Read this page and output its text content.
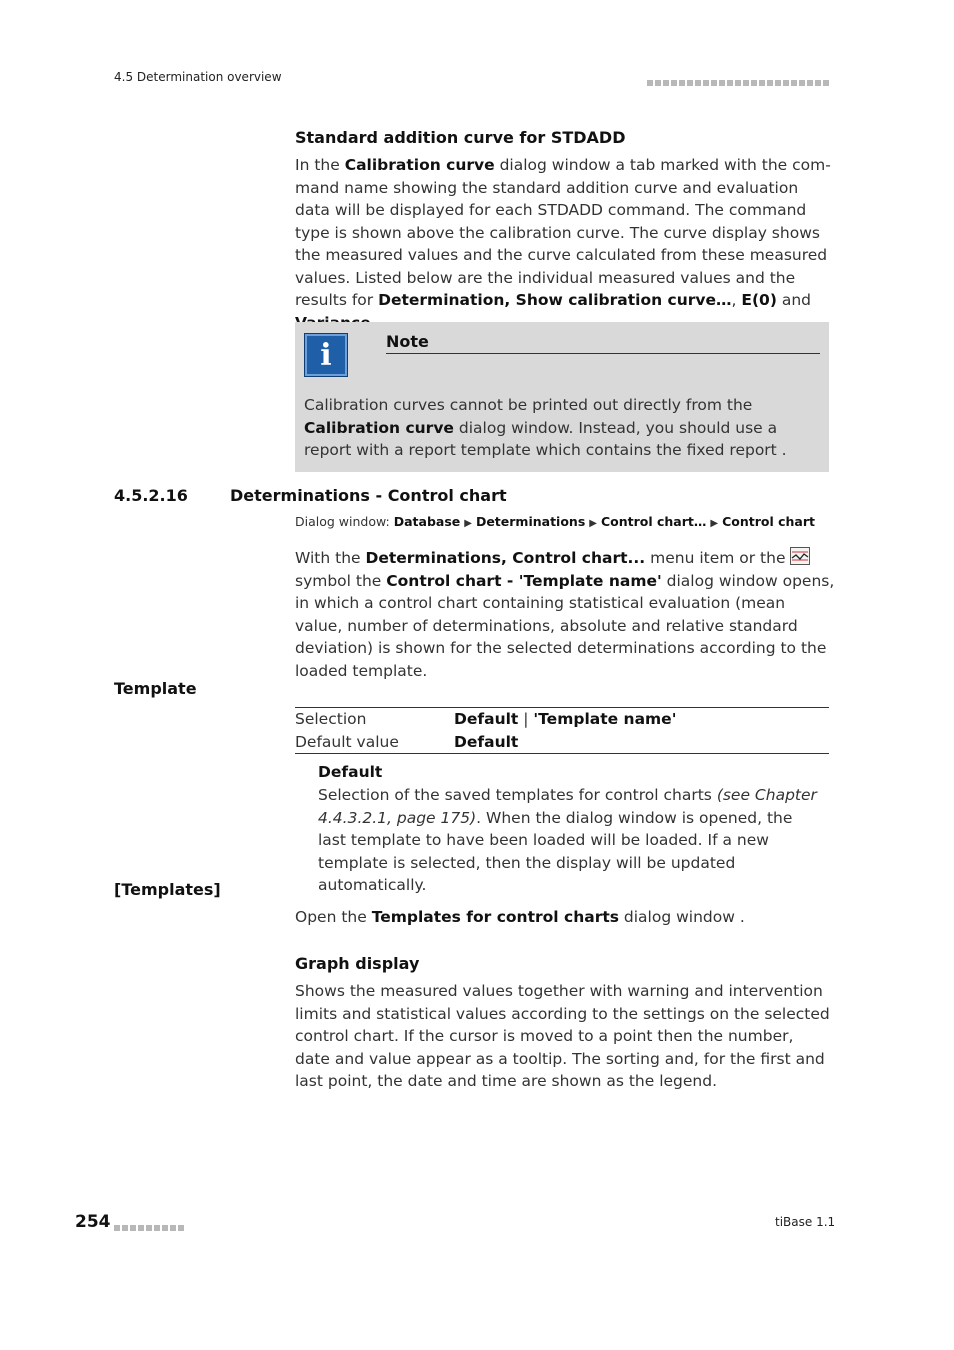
4.5 Determination overview
Standard addition curve for STDADD
In the Calibration curve dialog window a tab marked with the com-mand name showing the standard addition curve and evaluation data will be displayed for each STDADD command. The command type is shown above the calibration curve. The curve display shows the measured values and the curve calculated from these measured values. Listed below are the individual measured values and the results for Determination, Show calibration curve…, E(0) and
i	Note
Calibration curves cannot be printed out directly from the Calibration curve dialog window. Instead, you should use a report with a report template which contains the fixed report .
4.5.2.16	Determinations - Control chart
Dialog window: Database ▶ Determinations ▶ Control chart… ▶ Control chart
With the Determinations, Control chart... menu item or the  symbol the Control chart - 'Template name' dialog window opens, in which a control chart containing statistical evaluation (mean value, number of determinations, absolute and relative standard deviation) is shown for the selected determinations according to the loaded template.
Template
Selection	Default | 'Template name'
Default value	Default
Default
Selection of the saved templates for control charts (see Chapter 4.4.3.2.1, page 175). When the dialog window is opened, the last template to have been loaded will be loaded. If a new template is selected, then the display will be updated automatically.
[Templates]
Open the Templates for control charts dialog window .
Graph display
Shows the measured values together with warning and intervention limits and statistical values according to the settings on the selected control chart. If the cursor is moved to a point then the number, date and value appear as a tooltip. The sorting and, for the first and last point, the date and time are shown as the legend.
254	tiBase 1.1
